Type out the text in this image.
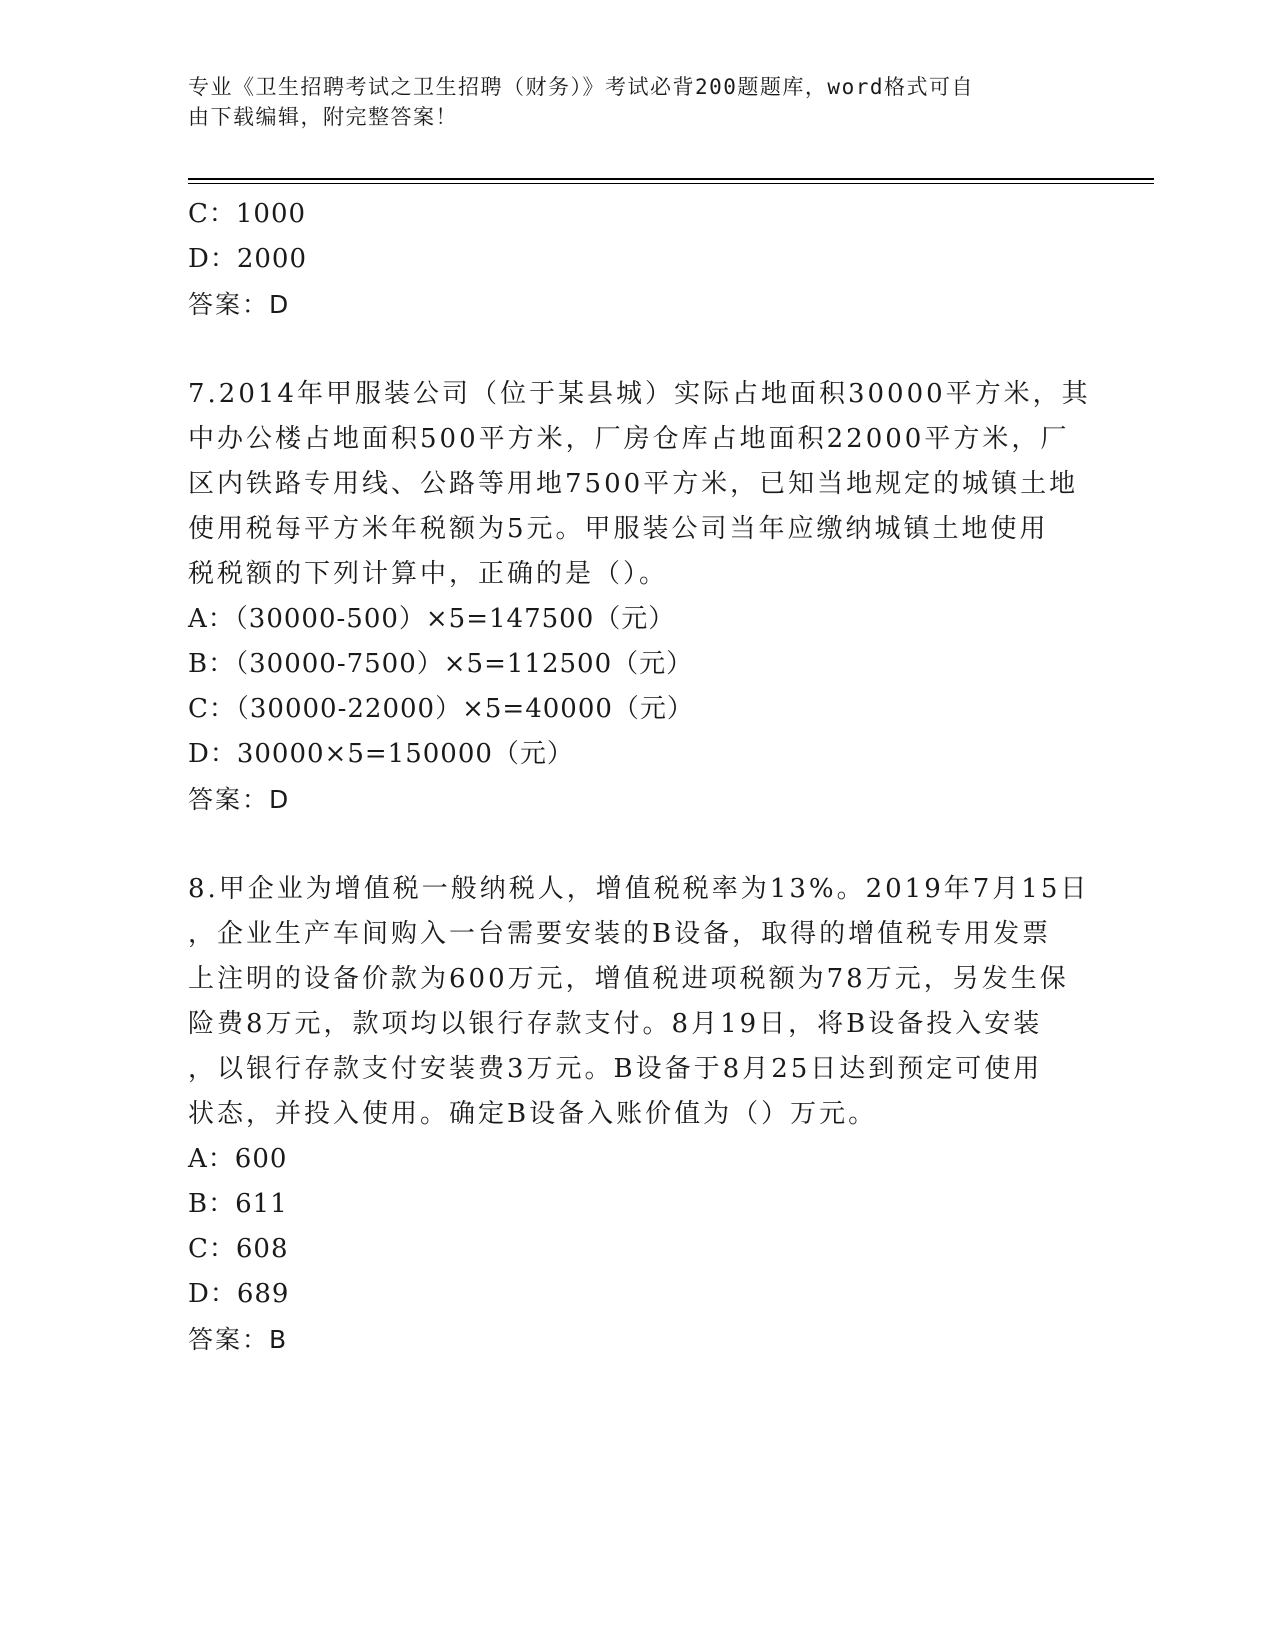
专业《卫生招聘考试之卫生招聘（财务）》考试必背200题题库，word格式可自
由下载编辑，附完整答案！
C：1000
D：2000
答案：D
7.2014年甲服装公司（位于某县城）实际占地面积30000平方米，其
中办公楼占地面积500平方米，厂房仓库占地面积22000平方米，厂
区内铁路专用线、公路等用地7500平方米，已知当地规定的城镇土地
使用税每平方米年税额为5元。甲服装公司当年应缴纳城镇土地使用
税税额的下列计算中，正确的是（）。
A：（30000-500）×5=147500（元）
B：（30000-7500）×5=112500（元）
C：（30000-22000）×5=40000（元）
D：30000×5=150000（元）
答案：D
8.甲企业为增值税一般纳税人，增值税税率为13%。2019年7月15日
，企业生产车间购入一台需要安装的B设备，取得的增值税专用发票
上注明的设备价款为600万元，增值税进项税额为78万元，另发生保
险费8万元，款项均以银行存款支付。8月19日，将B设备投入安装
，以银行存款支付安装费3万元。B设备于8月25日达到预定可使用
状态，并投入使用。确定B设备入账价值为（）万元。
A：600
B：611
C：608
D：689
答案：B
